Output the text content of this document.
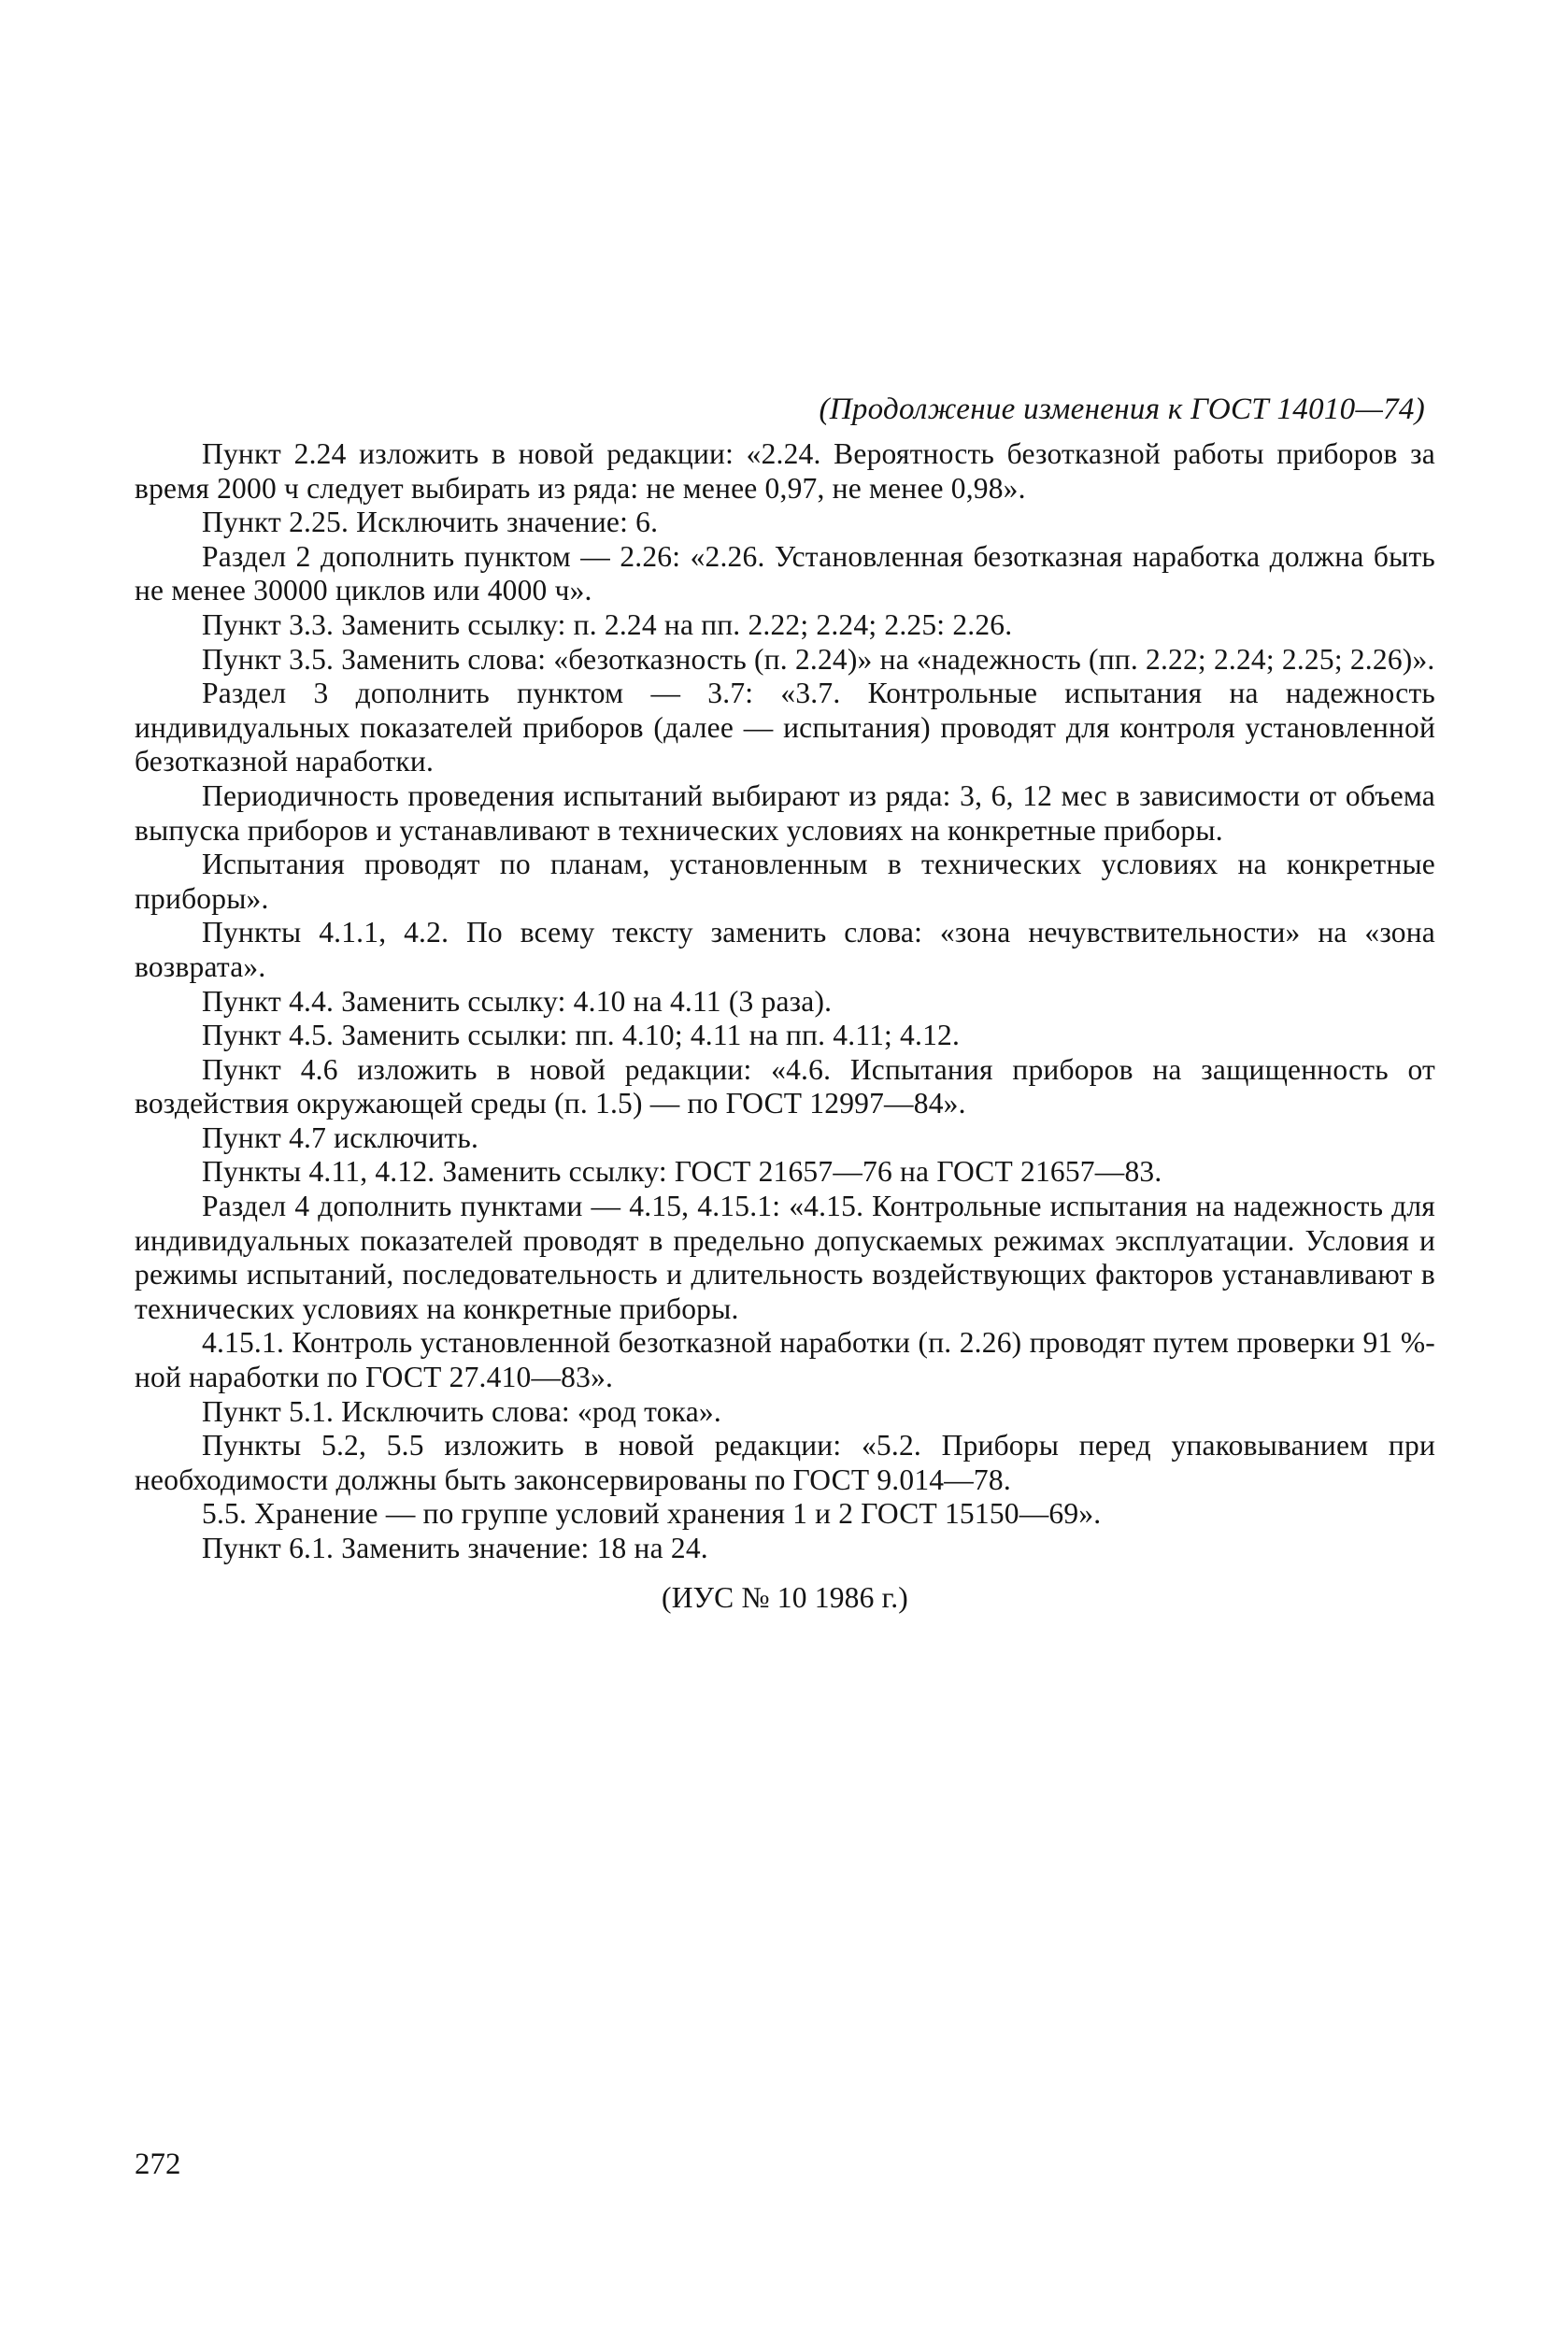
(Продолжение изменения к ГОСТ 14010—74)

Пункт 2.24 изложить в новой редакции: «2.24. Вероятность безотказной работы приборов за время 2000 ч следует выбирать из ряда: не менее 0,97, не менее 0,98».

Пункт 2.25. Исключить значение: 6.

Раздел 2 дополнить пунктом — 2.26: «2.26. Установленная безотказная наработка должна быть не менее 30000 циклов или 4000 ч».

Пункт 3.3. Заменить ссылку: п. 2.24 на пп. 2.22; 2.24; 2.25: 2.26.

Пункт 3.5. Заменить слова: «безотказность (п. 2.24)» на «надежность (пп. 2.22; 2.24; 2.25; 2.26)».

Раздел 3 дополнить пунктом — 3.7: «3.7. Контрольные испытания на надежность индивидуальных показателей приборов (далее — испытания) проводят для контроля установленной безотказной наработки.

Периодичность проведения испытаний выбирают из ряда: 3, 6, 12 мес в зависимости от объема выпуска приборов и устанавливают в технических условиях на конкретные приборы.

Испытания проводят по планам, установленным в технических условиях на конкретные приборы».

Пункты 4.1.1, 4.2. По всему тексту заменить слова: «зона нечувствительности» на «зона возврата».

Пункт 4.4. Заменить ссылку: 4.10 на 4.11 (3 раза).

Пункт 4.5. Заменить ссылки: пп. 4.10; 4.11 на пп. 4.11; 4.12.

Пункт 4.6 изложить в новой редакции: «4.6. Испытания приборов на защищенность от воздействия окружающей среды (п. 1.5) — по ГОСТ 12997—84».

Пункт 4.7 исключить.

Пункты 4.11, 4.12. Заменить ссылку: ГОСТ 21657—76 на ГОСТ 21657—83.

Раздел 4 дополнить пунктами — 4.15, 4.15.1: «4.15. Контрольные испытания на надежность для индивидуальных показателей проводят в предельно допускаемых режимах эксплуатации. Условия и режимы испытаний, последовательность и длительность воздействующих факторов устанавливают в технических условиях на конкретные приборы.

4.15.1. Контроль установленной безотказной наработки (п. 2.26) проводят путем проверки 91 %-ной наработки по ГОСТ 27.410—83».

Пункт 5.1. Исключить слова: «род тока».

Пункты 5.2, 5.5 изложить в новой редакции: «5.2. Приборы перед упаковыванием при необходимости должны быть законсервированы по ГОСТ 9.014—78.

5.5. Хранение — по группе условий хранения 1 и 2 ГОСТ 15150—69».

Пункт 6.1. Заменить значение: 18 на 24.

(ИУС № 10 1986 г.)

272
